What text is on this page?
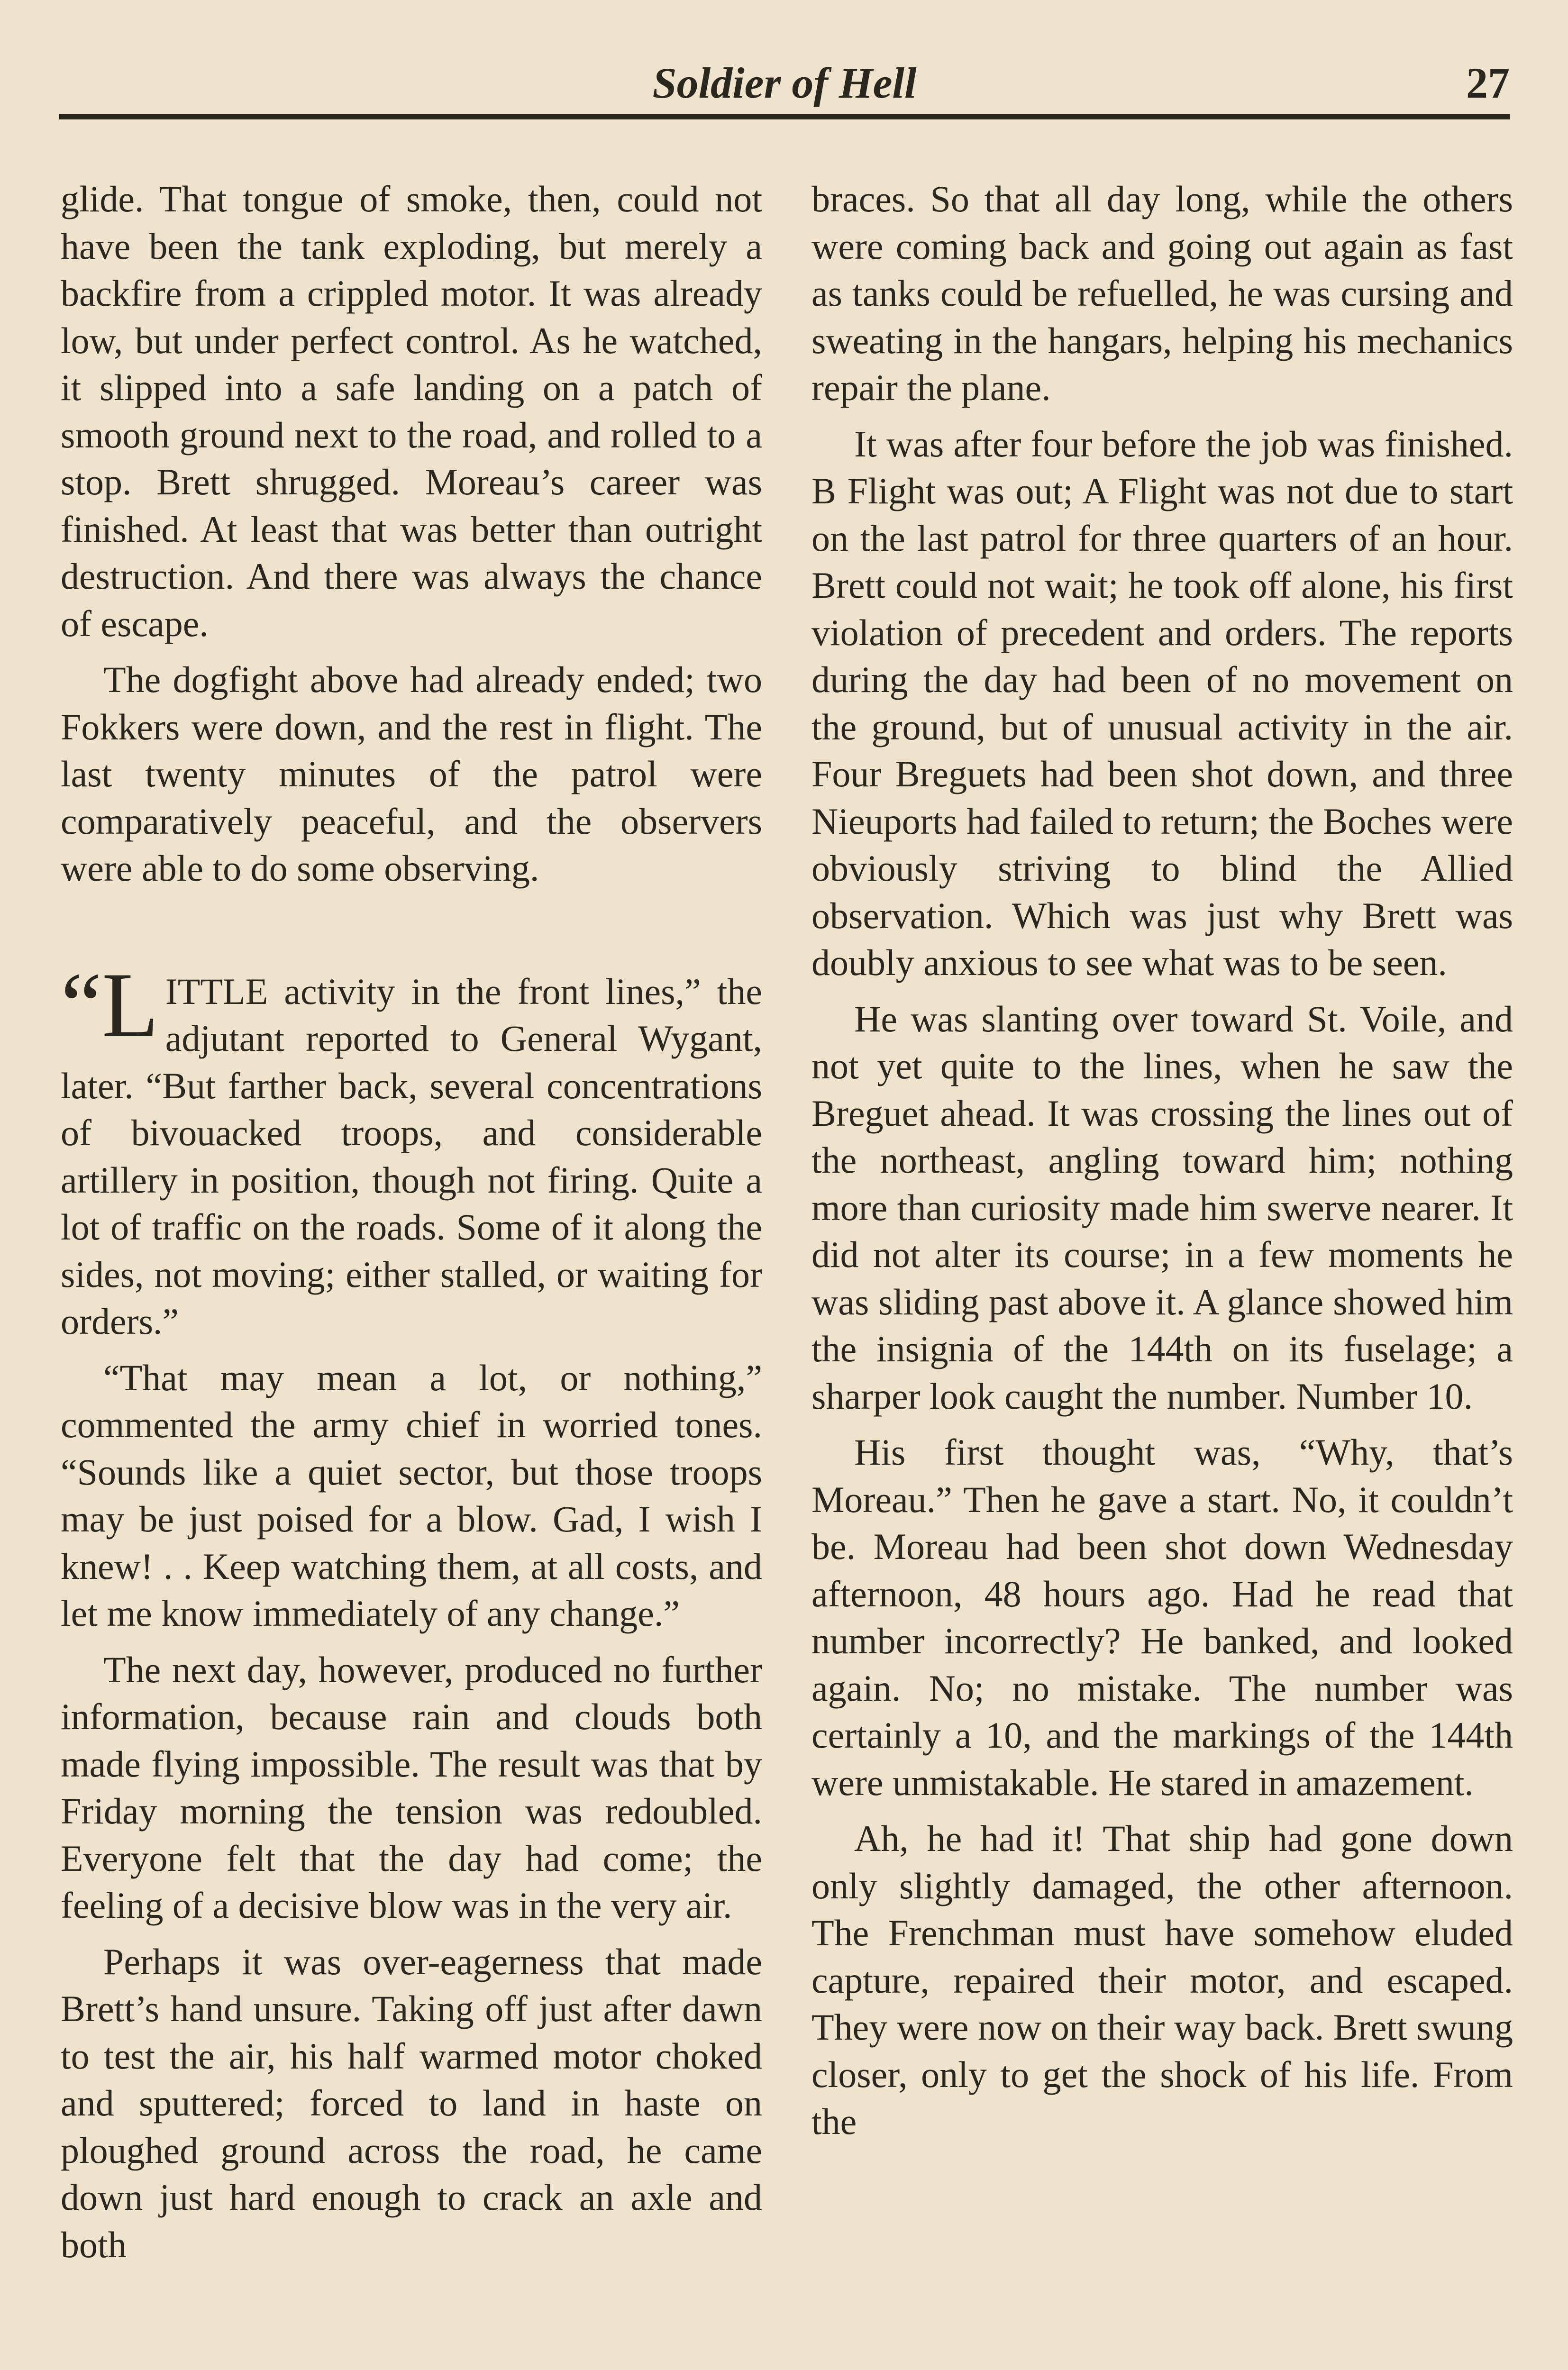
Soldier of Hell	27

glide. That tongue of smoke, then, could not have been the tank exploding, but merely a backfire from a crippled motor. It was already low, but under perfect control. As he watched, it slipped into a safe landing on a patch of smooth ground next to the road, and rolled to a stop. Brett shrugged. Moreau’s career was finished. At least that was better than outright destruction. And there was always the chance of escape.

The dogfight above had already ended; two Fokkers were down, and the rest in flight. The last twenty minutes of the patrol were comparatively peaceful, and the observers were able to do some observing.

“L ITTLE activity in the front lines,” the adjutant reported to General Wygant, later. “But farther back, several concentrations of bivouacked troops, and considerable artillery in position, though not firing. Quite a lot of traffic on the roads. Some of it along the sides, not moving; either stalled, or waiting for orders.”

“That may mean a lot, or nothing,” commented the army chief in worried tones. “Sounds like a quiet sector, but those troops may be just poised for a blow. Gad, I wish I knew! . . Keep watching them, at all costs, and let me know immediately of any change.”

The next day, however, produced no further information, because rain and clouds both made flying impossible. The result was that by Friday morning the tension was redoubled. Everyone felt that the day had come; the feeling of a decisive blow was in the very air.

Perhaps it was over-eagerness that made Brett’s hand unsure. Taking off just after dawn to test the air, his half warmed motor choked and sputtered; forced to land in haste on ploughed ground across the road, he came down just hard enough to crack an axle and both

braces. So that all day long, while the others were coming back and going out again as fast as tanks could be refuelled, he was cursing and sweating in the hangars, helping his mechanics repair the plane.

It was after four before the job was finished. B Flight was out; A Flight was not due to start on the last patrol for three quarters of an hour. Brett could not wait; he took off alone, his first violation of precedent and orders. The reports during the day had been of no movement on the ground, but of unusual activity in the air. Four Breguets had been shot down, and three Nieuports had failed to return; the Boches were obviously striving to blind the Allied observation. Which was just why Brett was doubly anxious to see what was to be seen.

He was slanting over toward St. Voile, and not yet quite to the lines, when he saw the Breguet ahead. It was crossing the lines out of the northeast, angling toward him; nothing more than curiosity made him swerve nearer. It did not alter its course; in a few moments he was sliding past above it. A glance showed him the insignia of the 144th on its fuselage; a sharper look caught the number. Number 10.

His first thought was, “Why, that’s Moreau.” Then he gave a start. No, it couldn’t be. Moreau had been shot down Wednesday afternoon, 48 hours ago. Had he read that number incorrectly? He banked, and looked again. No; no mistake. The number was certainly a 10, and the markings of the 144th were unmistakable. He stared in amazement.

Ah, he had it! That ship had gone down only slightly damaged, the other afternoon. The Frenchman must have somehow eluded capture, repaired their motor, and escaped. They were now on their way back. Brett swung closer, only to get the shock of his life. From the
